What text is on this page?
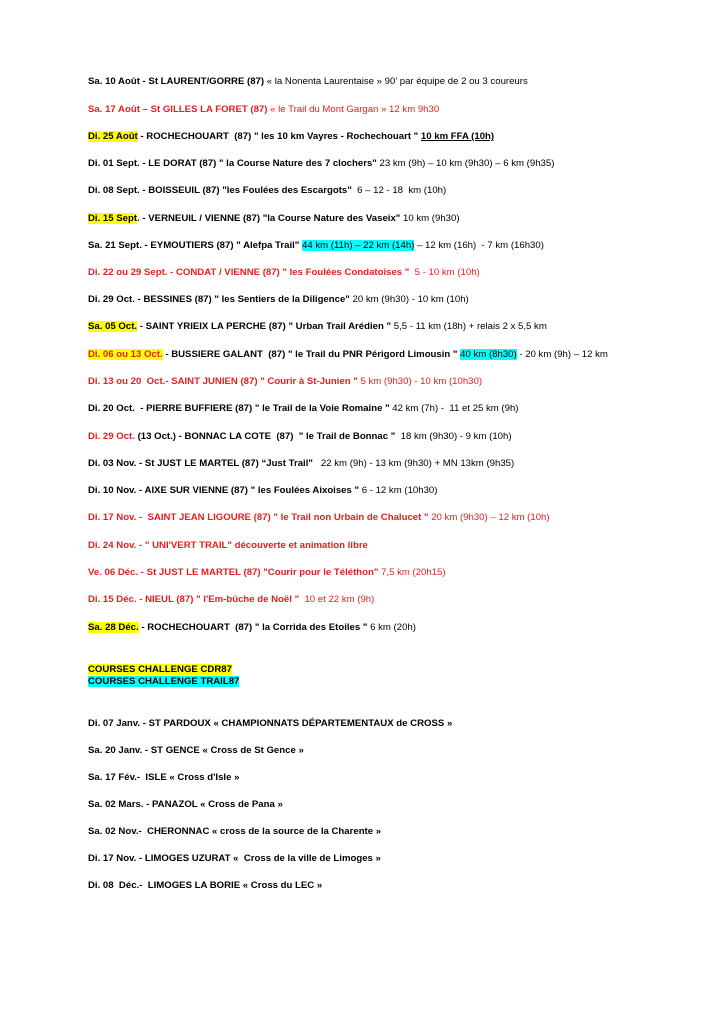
Sa. 10 Août - St LAURENT/GORRE (87) « la Nonenta Laurentaise » 90’ par équipe de 2 ou 3 coureurs
Sa. 17 Août – St GILLES LA FORET (87) « le Trail du Mont Gargan » 12 km 9h30
Di. 25 Août - ROCHECHOUART  (87) " les 10 km Vayres - Rochechouart " 10 km FFA (10h)
Di. 01 Sept. - LE DORAT (87) " la Course Nature des 7 clochers" 23 km (9h) – 10 km (9h30) – 6 km (9h35)
Di. 08 Sept. - BOISSEUIL (87) "les Foulées des Escargots"  6 – 12 - 18  km (10h)
Di. 15 Sept. - VERNEUIL / VIENNE (87) "la Course Nature des Vaseix" 10 km (9h30)
Sa. 21 Sept. - EYMOUTIERS (87) " Alefpa Trail" 44 km (11h) – 22 km (14h) – 12 km (16h)  - 7 km (16h30)
Di. 22 ou 29 Sept. - CONDAT / VIENNE (87) " les Foulées Condatoises "  5 - 10 km (10h)
Di. 29 Oct. - BESSINES (87) " les Sentiers de la Diligence" 20 km (9h30) - 10 km (10h)
Sa. 05 Oct. - SAINT YRIEIX LA PERCHE (87) " Urban Trail Arédien " 5,5 - 11 km (18h) + relais 2 x 5,5 km
Di. 06 ou 13 Oct. - BUSSIERE GALANT  (87) " le Trail du PNR Périgord Limousin " 40 km (8h30) - 20 km (9h) – 12 km
Di. 13 ou 20  Oct.- SAINT JUNIEN (87) " Courir à St-Junien " 5 km (9h30) - 10 km (10h30)
Di. 20 Oct.  - PIERRE BUFFIERE (87) " le Trail de la Voie Romaine " 42 km (7h) -  11 et 25 km (9h)
Di. 29 Oct. (13 Oct.) - BONNAC LA COTE  (87)  " le Trail de Bonnac "  18 km (9h30) - 9 km (10h)
Di. 03 Nov. - St JUST LE MARTEL (87) “Just Trail"   22 km (9h) - 13 km (9h30) + MN 13km (9h35)
Di. 10 Nov. - AIXE SUR VIENNE (87) " les Foulées Aixoises " 6 - 12 km (10h30)
Di. 17 Nov. -  SAINT JEAN LIGOURE (87) " le Trail non Urbain de Chalucet " 20 km (9h30) – 12 km (10h)
Di. 24 Nov. - " UNI'VERT TRAIL" découverte et animation libre
Ve. 06 Déc. - St JUST LE MARTEL (87) "Courir pour le Téléthon" 7,5 km (20h15)
Di. 15 Déc. - NIEUL (87) " l'Em-bûche de Noël "  10 et 22 km (9h)
Sa. 28 Déc. - ROCHECHOUART  (87) " la Corrida des Etoiles " 6 km (20h)
COURSES CHALLENGE CDR87
COURSES CHALLENGE TRAIL87
Di. 07 Janv. - ST PARDOUX « CHAMPIONNATS DÉPARTEMENTAUX de CROSS »
Sa. 20 Janv. - ST GENCE « Cross de St Gence »
Sa. 17 Fév.-  ISLE « Cross d'Isle »
Sa. 02 Mars. - PANAZOL « Cross de Pana »
Sa. 02 Nov.-  CHERONNAC « cross de la source de la Charente »
Di. 17 Nov. - LIMOGES UZURAT «  Cross de la ville de Limoges »
Di. 08  Déc.-  LIMOGES LA BORIE « Cross du LEC »
